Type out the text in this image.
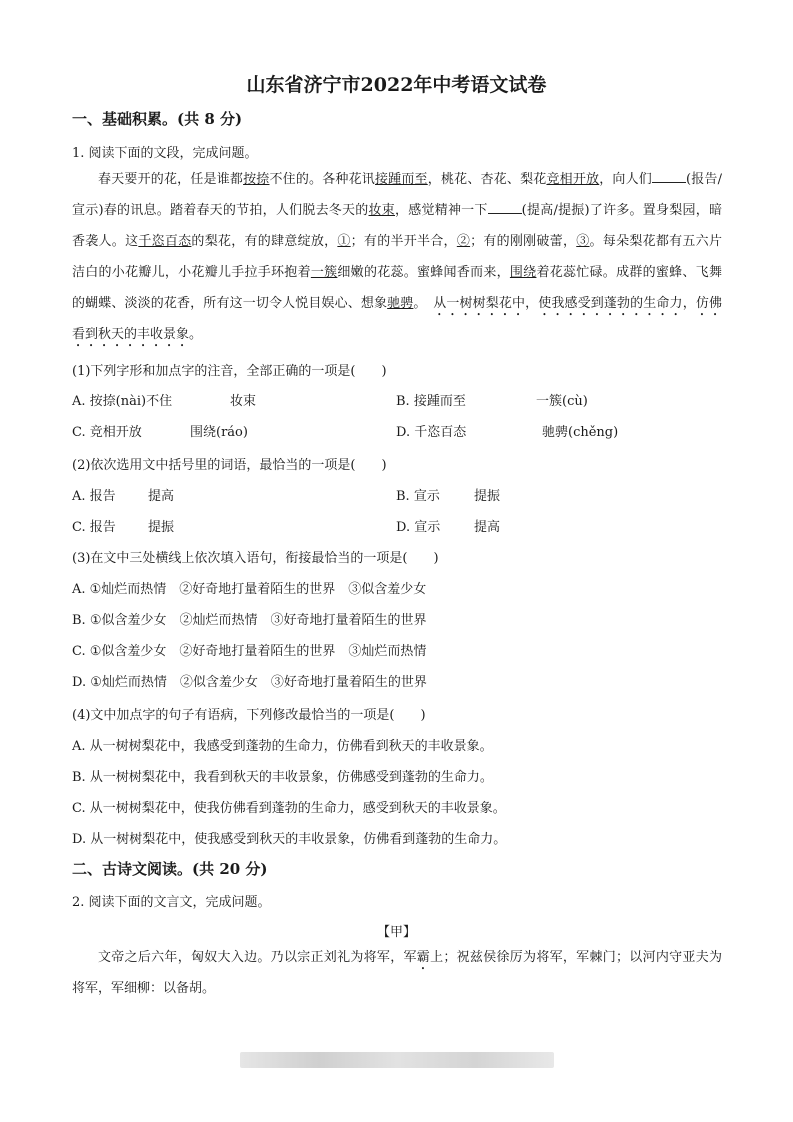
山东省济宁市2022年中考语文试卷
一、基础积累。(共 8 分)
1. 阅读下面的文段，完成问题。
春天要开的花，任是谁都按捺不住的。各种花讯接踵而至，桃花、杏花、梨花竞相开放，向人们	(报告/宣示)春的讯息。踏着春天的节拍，人们脱去冬天的妆束，感觉精神一下	(提高/提振)了许多。置身梨园，暗香袭人。这千恣百态的梨花，有的肆意绽放，①；有的半开半合，②；有的刚刚破蕾，③。每朵梨花都有五六片洁白的小花瓣儿，小花瓣儿手拉手环抱着一簇细嫩的花蕊。蜜蜂闻香而来，围绕着花蕊忙碌。成群的蜜蜂、飞舞的蝴蝶、淡淡的花香，所有这一切令人悦目娱心、想象驰骋。　 从一树树梨花中，使我感受到蓬勃的生命力，仿佛看到秋天的丰收景象。
(1)下列字形和加点字的注音，全部正确的一项是(　　)
A. 按捺(nài)不住	妆束	B. 接踵而至	一簇(cù)
C. 竞相开放	围绕(ráo)	D. 千恣百态	驰骋(chěng)
(2)依次选用文中括号里的词语，最恰当的一项是(　　)
A. 报告 提高	B. 宣示	提振
C. 报告 提振	D. 宣示	提高
(3)在文中三处横线上依次填入语句，衔接最恰当的一项是(　　)
A. ①灿烂而热情　②好奇地打量着陌生的世界　③似含羞少女
B. ①似含羞少女　②灿烂而热情　③好奇地打量着陌生的世界
C. ①似含羞少女　②好奇地打量着陌生的世界　③灿烂而热情
D. ①灿烂而热情　②似含羞少女　③好奇地打量着陌生的世界
(4)文中加点字的句子有语病，下列修改最恰当的一项是(　　)
A. 从一树树梨花中，我感受到蓬勃的生命力，仿佛看到秋天的丰收景象。
B. 从一树树梨花中，我看到秋天的丰收景象，仿佛感受到蓬勃的生命力。
C. 从一树树梨花中，使我仿佛看到蓬勃的生命力，感受到秋天的丰收景象。
D. 从一树树梨花中，使我感受到秋天的丰收景象，仿佛看到蓬勃的生命力。
二、古诗文阅读。(共 20 分)
2. 阅读下面的文言文，完成问题。
【甲】
文帝之后六年，匈奴大入边。乃以宗正刘礼为将军，军霸上；祝兹侯徐厉为将军，军棘门；以河内守亚夫为将军，军细柳：以备胡。
